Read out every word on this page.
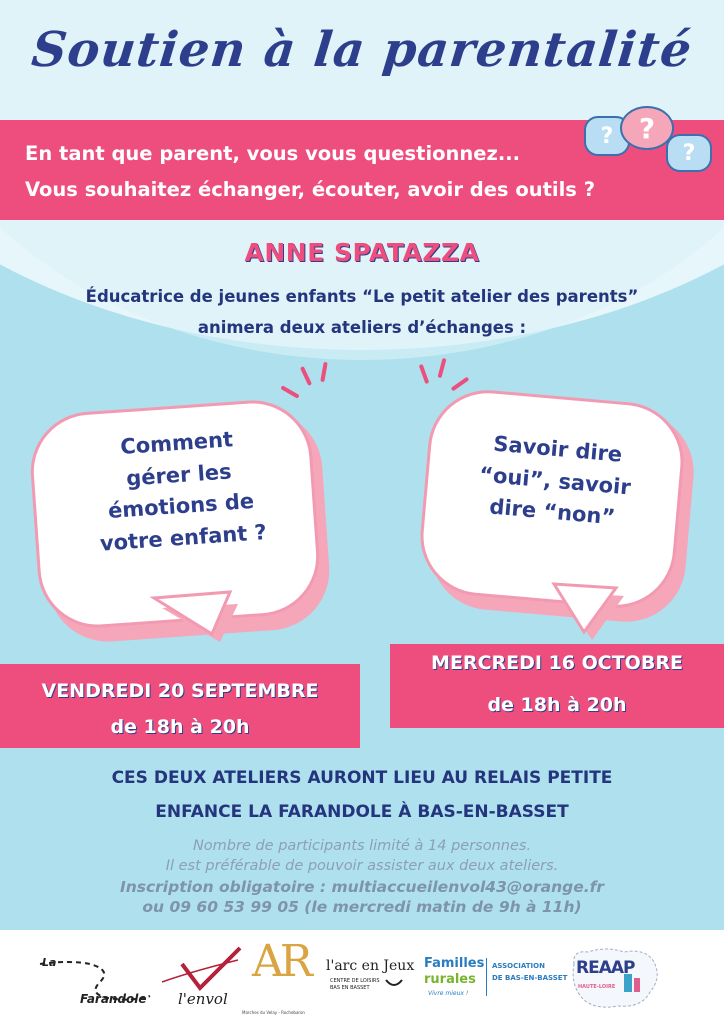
Soutien à la parentalité
En tant que parent, vous vous questionnez...
Vous souhaitez échanger, écouter, avoir des outils ?
?
?
?
ANNE SPATAZZA
Éducatrice de jeunes enfants “Le petit atelier des parents”
animera deux ateliers d’échanges :
Comment
gérer les
émotions de
votre enfant ?
Savoir dire
“oui”, savoir
dire “non”
MERCREDI 16 OCTOBRE
de 18h à 20h
VENDREDI 20 SEPTEMBRE
de 18h à 20h
CES DEUX ATELIERS AURONT LIEU AU RELAIS PETITE
ENFANCE LA FARANDOLE À BAS-EN-BASSET
Nombre de participants limité à 14 personnes.
Il est préférable de pouvoir assister aux deux ateliers.
Inscription obligatoire : multiaccueilenvol43@orange.fr
ou 09 60 53 99 05 (le mercredi matin de 9h à 11h)
La
Farandole l'envol
AR
Marches du Velay - Rochebaron
l'arc en Jeux
CENTRE DE LOISIRS
BAS EN BASSET
Familles
rurales
Vivre mieux !
ASSOCIATION
DE BAS-EN-BASSET REAAP
HAUTE-LOIRE
